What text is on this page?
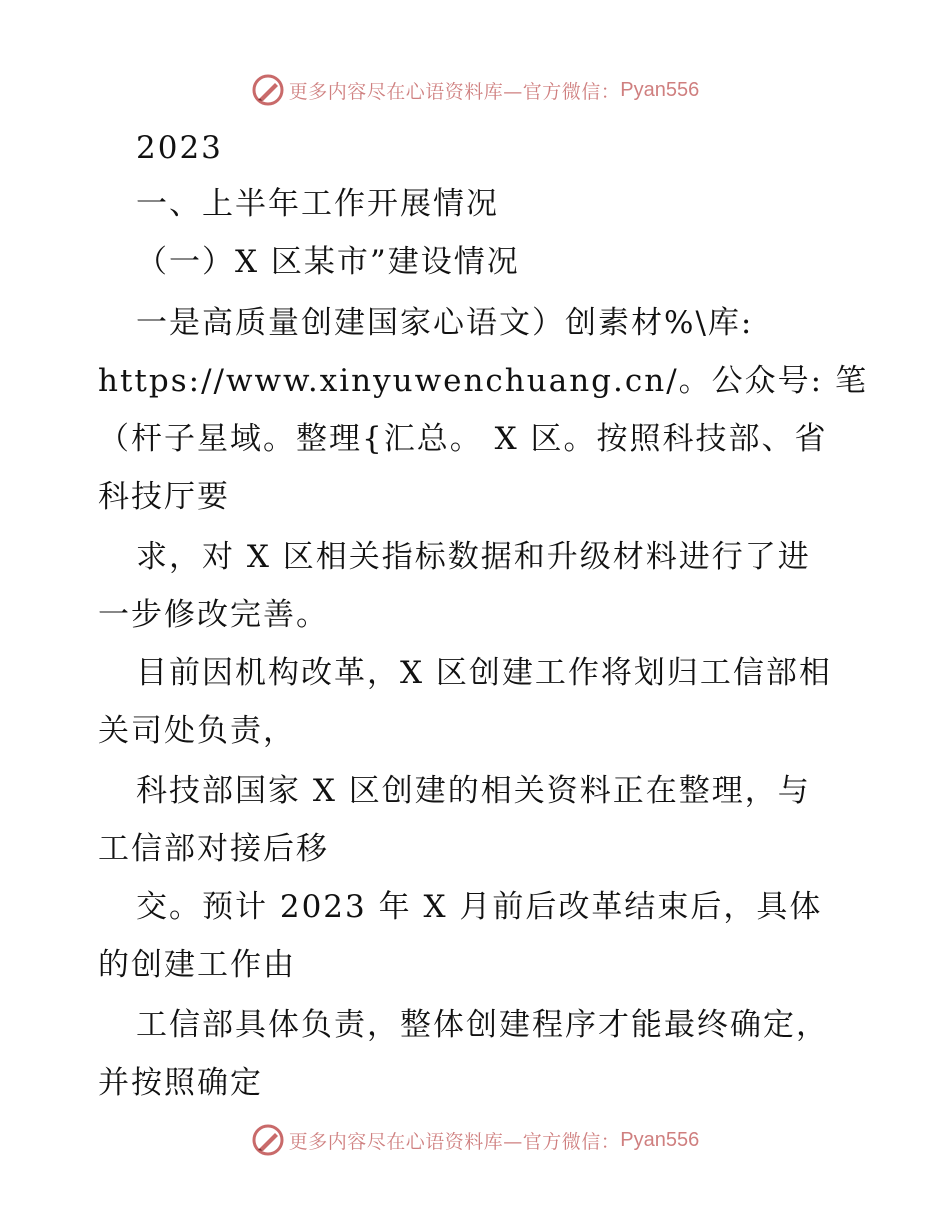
更多内容尽在心语资料库—官方微信： Pyan556
2023
一、上半年工作开展情况
（一）X 区某市”建设情况
一是高质量创建国家心语文）创素材%\库:
https://www.xinyuwenchuang.cn/。公众号: 笔
（杆子星域。整理{汇总。 X 区。按照科技部、省
科技厅要
求，对 X 区相关指标数据和升级材料进行了进
一步修改完善。
目前因机构改革，X 区创建工作将划归工信部相
关司处负责，
科技部国家 X 区创建的相关资料正在整理，与
工信部对接后移
交。预计 2023 年 X 月前后改革结束后，具体
的创建工作由
工信部具体负责，整体创建程序才能最终确定，
并按照确定
更多内容尽在心语资料库—官方微信： Pyan556
